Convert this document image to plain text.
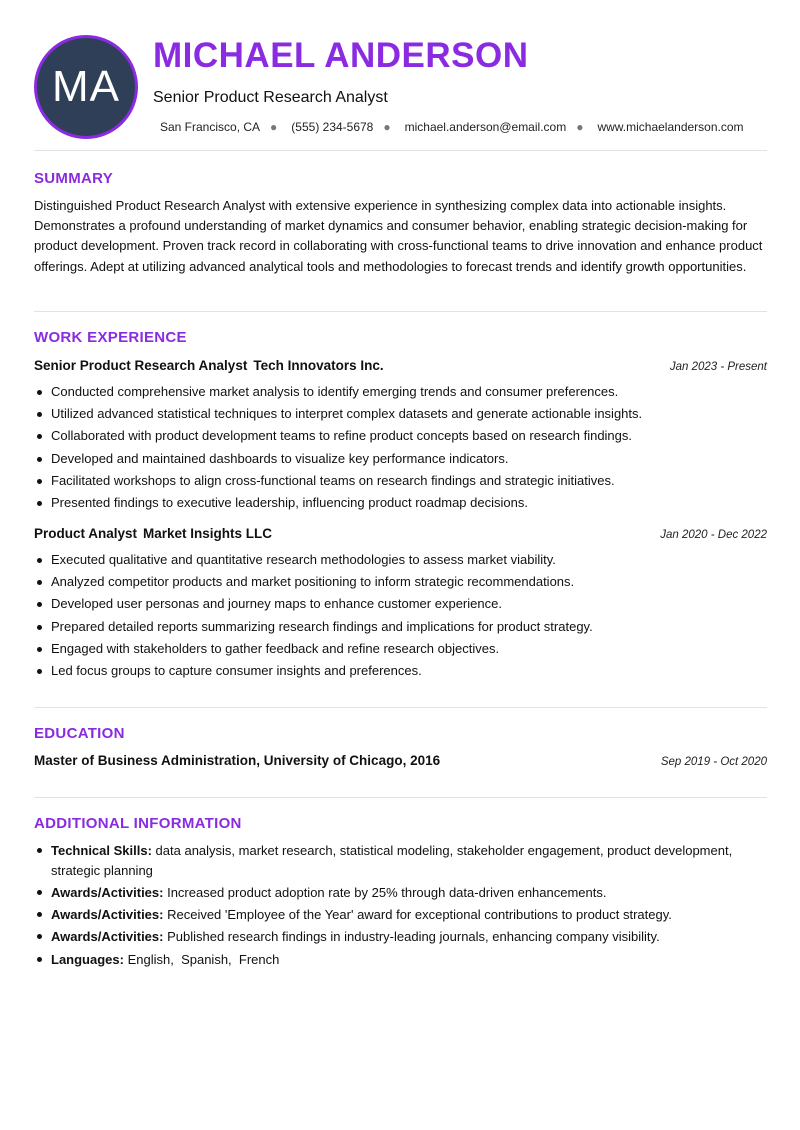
MA
MICHAEL ANDERSON
Senior Product Research Analyst
San Francisco, CA ● (555) 234-5678 ● michael.anderson@email.com ● www.michaelanderson.com
SUMMARY

Distinguished Product Research Analyst with extensive experience in synthesizing complex data into actionable insights. Demonstrates a profound understanding of market dynamics and consumer behavior, enabling strategic decision-making for product development. Proven track record in collaborating with cross-functional teams to drive innovation and enhance product offerings. Adept at utilizing advanced analytical tools and methodologies to forecast trends and identify growth opportunities.

WORK EXPERIENCE
Senior Product Research Analyst Tech Innovators Inc.	Jan 2023 - Present
Conducted comprehensive market analysis to identify emerging trends and consumer preferences.
Utilized advanced statistical techniques to interpret complex datasets and generate actionable insights.
Collaborated with product development teams to refine product concepts based on research findings.
Developed and maintained dashboards to visualize key performance indicators.
Facilitated workshops to align cross-functional teams on research findings and strategic initiatives.
Presented findings to executive leadership, influencing product roadmap decisions.
Product Analyst Market Insights LLC	Jan 2020 - Dec 2022
Executed qualitative and quantitative research methodologies to assess market viability.
Analyzed competitor products and market positioning to inform strategic recommendations.
Developed user personas and journey maps to enhance customer experience.
Prepared detailed reports summarizing research findings and implications for product strategy.
Engaged with stakeholders to gather feedback and refine research objectives.
Led focus groups to capture consumer insights and preferences.
EDUCATION
Master of Business Administration, University of Chicago, 2016	Sep 2019 - Oct 2020
ADDITIONAL INFORMATION
Technical Skills: data analysis, market research, statistical modeling, stakeholder engagement, product development, strategic planning
Awards/Activities: Increased product adoption rate by 25% through data-driven enhancements.
Awards/Activities: Received 'Employee of the Year' award for exceptional contributions to product strategy.
Awards/Activities: Published research findings in industry-leading journals, enhancing company visibility.
Languages: English,  Spanish,  French
